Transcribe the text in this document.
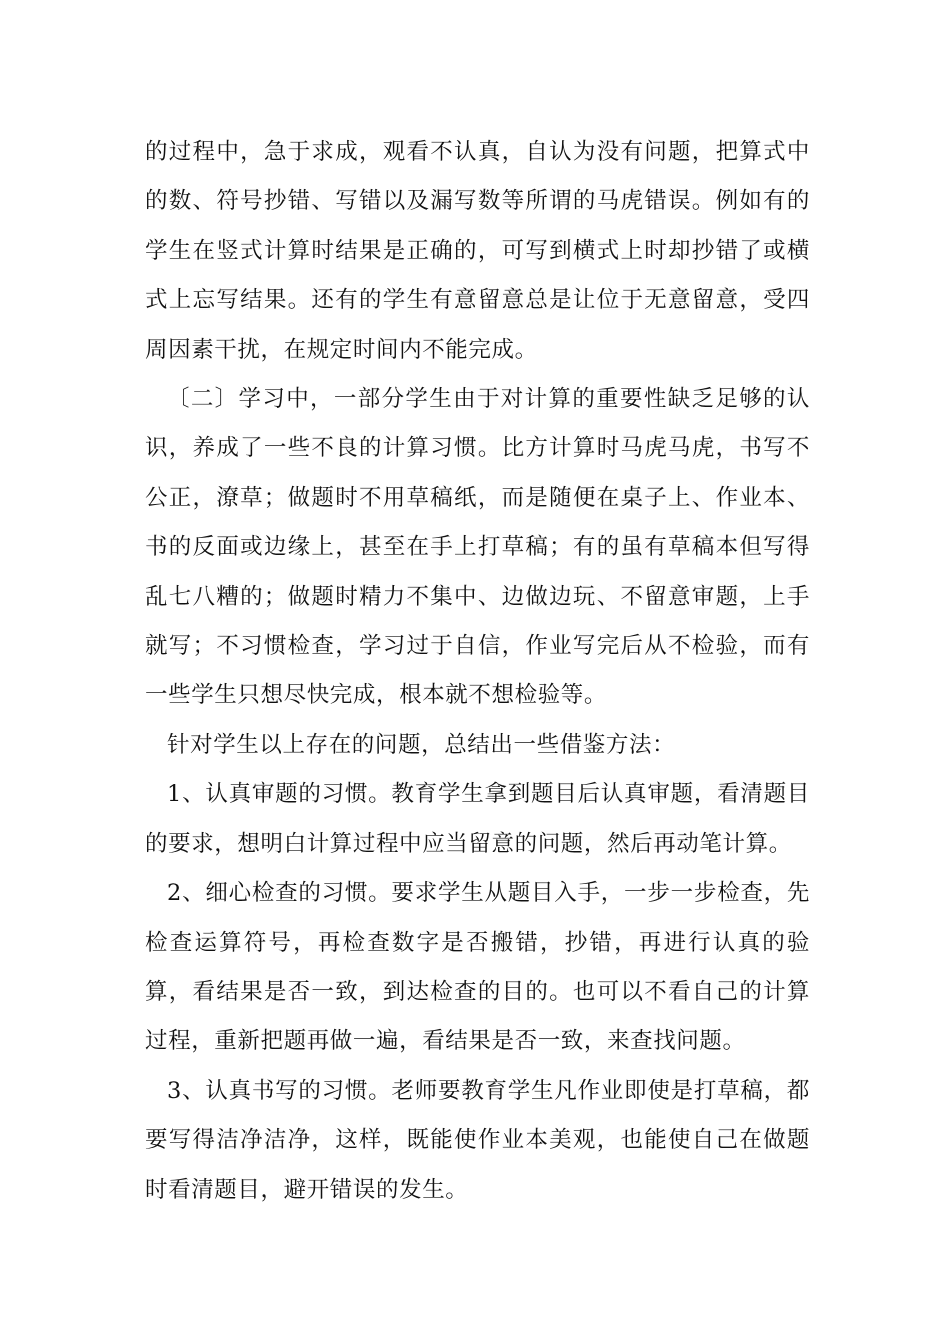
的过程中，急于求成，观看不认真，自认为没有问题，把算式中的数、符号抄错、写错以及漏写数等所谓的马虎错误。例如有的学生在竖式计算时结果是正确的，可写到横式上时却抄错了或横式上忘写结果。还有的学生有意留意总是让位于无意留意，受四周因素干扰，在规定时间内不能完成。

〔二〕学习中，一部分学生由于对计算的重要性缺乏足够的认识，养成了一些不良的计算习惯。比方计算时马虎马虎，书写不公正，潦草；做题时不用草稿纸，而是随便在桌子上、作业本、书的反面或边缘上，甚至在手上打草稿；有的虽有草稿本但写得乱七八糟的；做题时精力不集中、边做边玩、不留意审题，上手就写；不习惯检查，学习过于自信，作业写完后从不检验，而有一些学生只想尽快完成，根本就不想检验等。

针对学生以上存在的问题，总结出一些借鉴方法：

1、认真审题的习惯。教育学生拿到题目后认真审题，看清题目的要求，想明白计算过程中应当留意的问题，然后再动笔计算。

2、细心检查的习惯。要求学生从题目入手，一步一步检查，先检查运算符号，再检查数字是否搬错，抄错，再进行认真的验算，看结果是否一致，到达检查的目的。也可以不看自己的计算过程，重新把题再做一遍，看结果是否一致，来查找问题。

3、认真书写的习惯。老师要教育学生凡作业即使是打草稿，都要写得洁净洁净，这样，既能使作业本美观，也能使自己在做题时看清题目，避开错误的发生。
